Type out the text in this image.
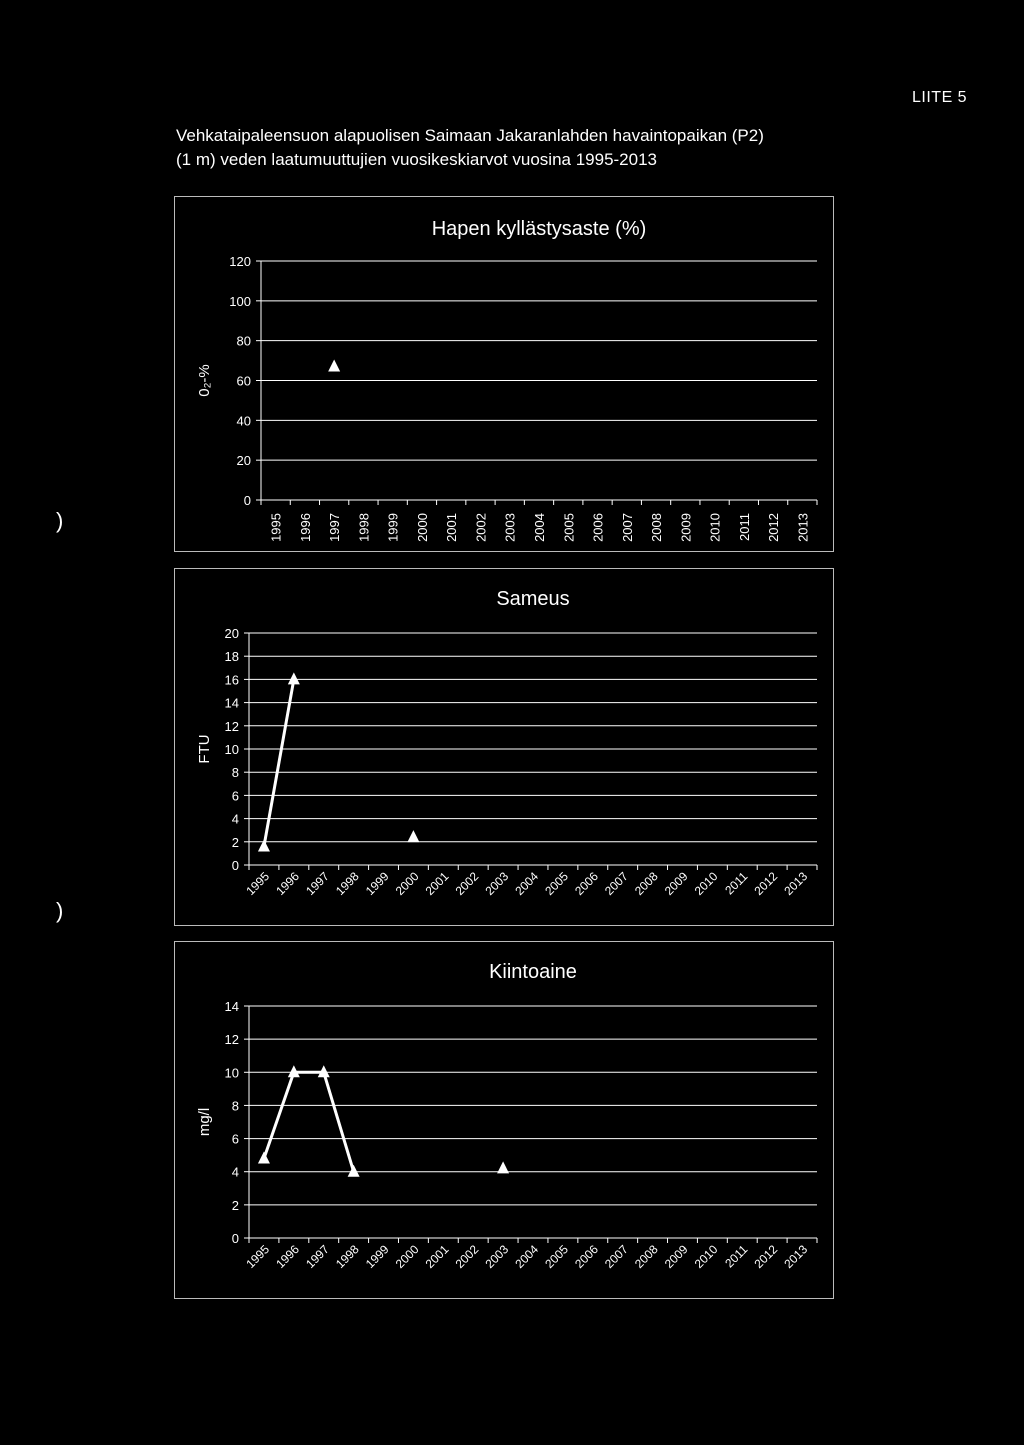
LIITE 5
Vehkataipaleensuon alapuolisen Saimaan Jakaranlahden havaintopaikan (P2)
(1 m) veden laatumuuttujien vuosikeskiarvot vuosina 1995-2013
)
)
Hapen kyllästysaste (%)
0₂-%
0
20
40
60
80
100
120
1995 1996 1997 1998 1999 2000 2001 2002 2003 2004 2005 2006 2007 2008 2009 2010 2011 2012 2013
Sameus
FTU
0
2
4
6
8
10
12
14
16
18
20
1995 1996 1997 1998 1999 2000 2001 2002 2003 2004 2005 2006 2007 2008 2009 2010 2011 2012 2013
Kiintoaine
mg/l
0
2
4
6
8
10
12
14
1995 1996 1997 1998 1999 2000 2001 2002 2003 2004 2005 2006 2007 2008 2009 2010 2011 2012 2013
